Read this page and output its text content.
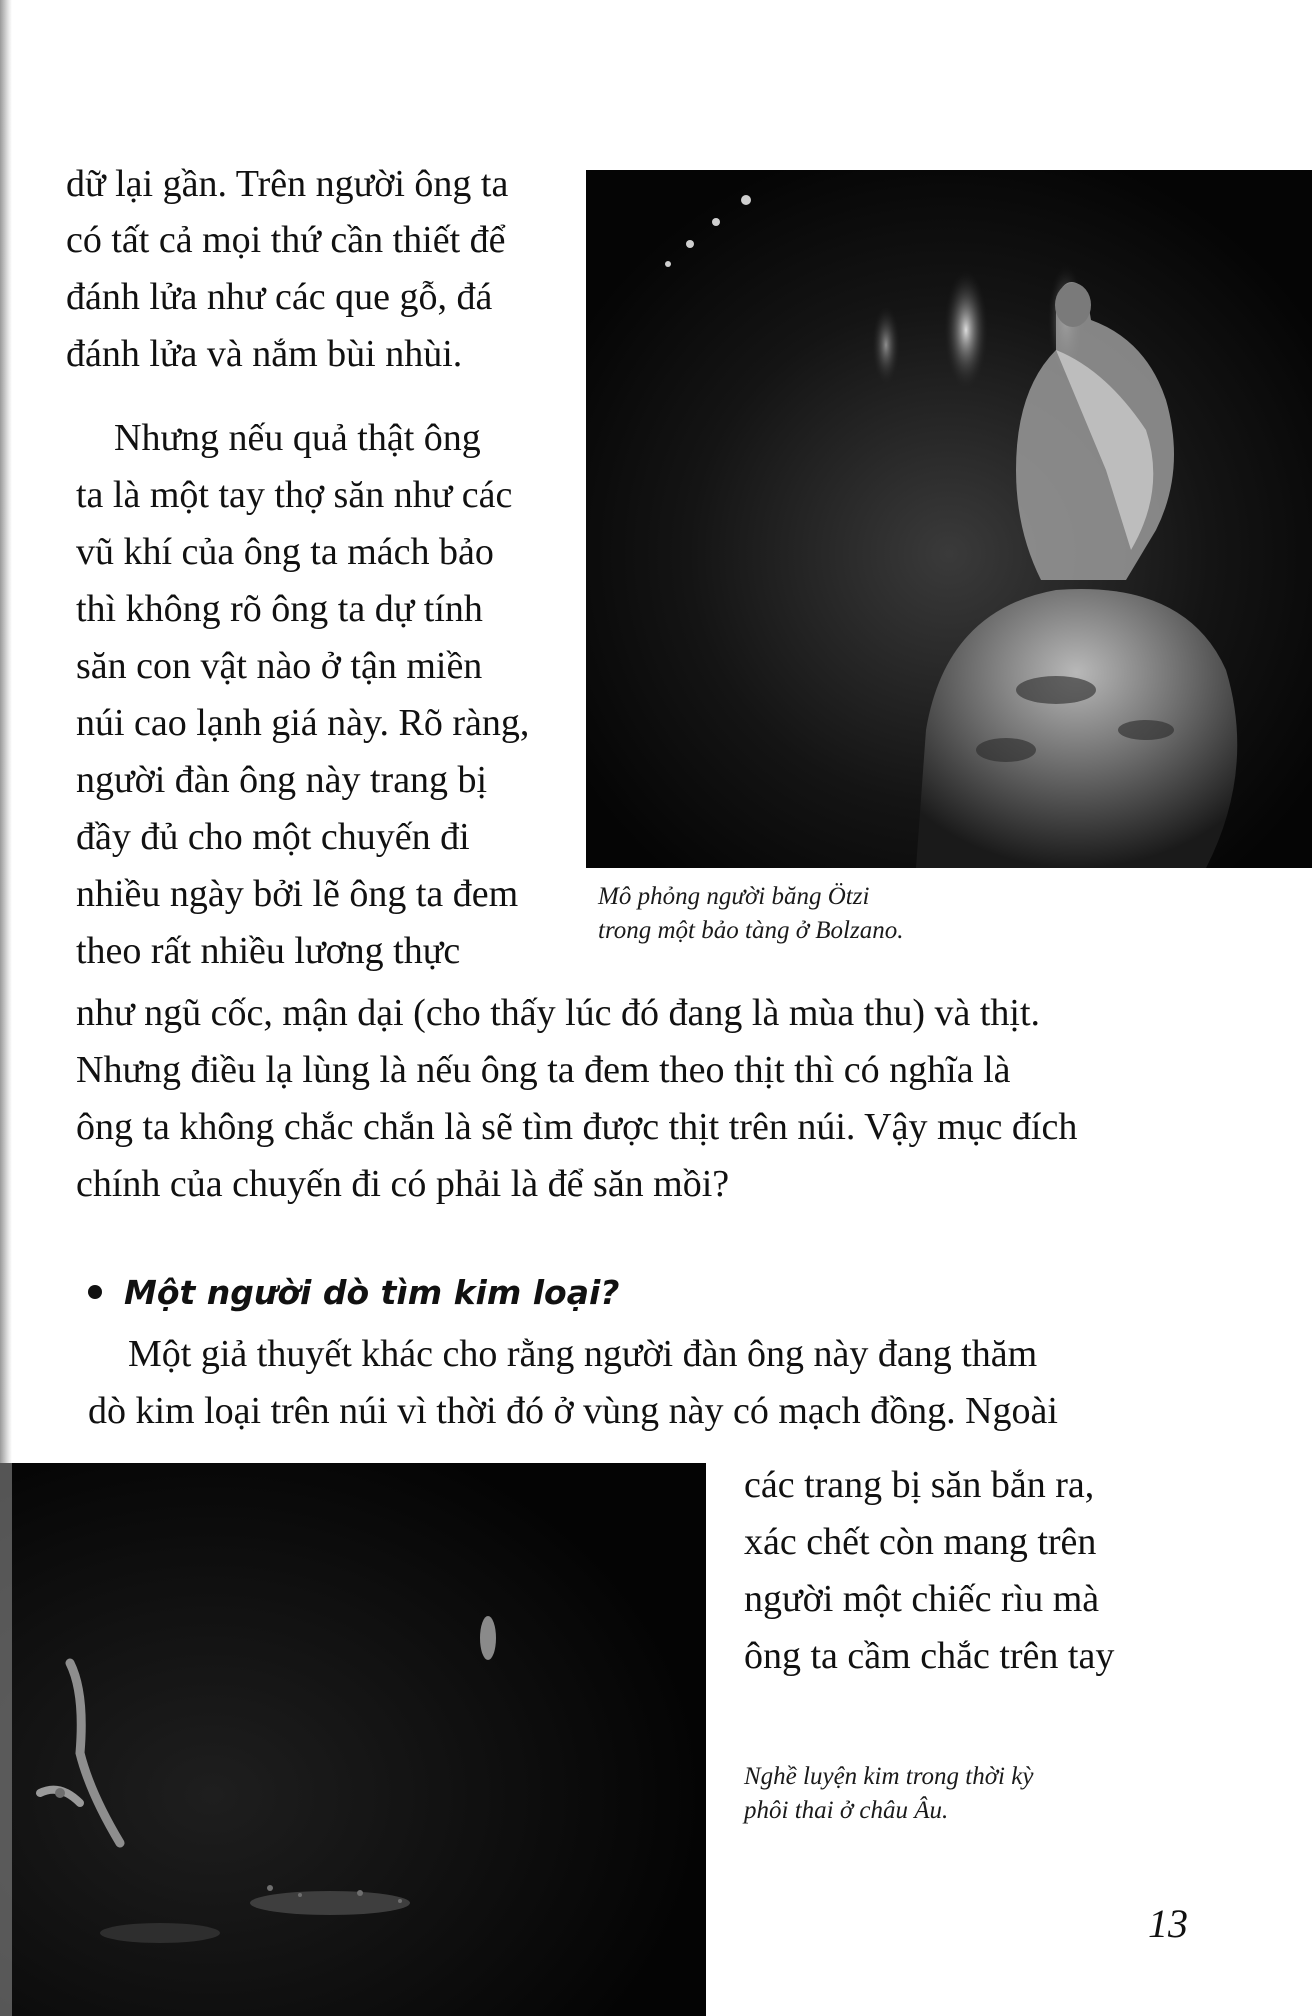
dữ lại gần. Trên người ông ta
có tất cả mọi thứ cần thiết để
đánh lửa như các que gỗ, đá
đánh lửa và nắm bùi nhùi.
Nhưng nếu quả thật ông
ta là một tay thợ săn như các
vũ khí của ông ta mách bảo
thì không rõ ông ta dự tính
săn con vật nào ở tận miền
núi cao lạnh giá này. Rõ ràng,
người đàn ông này trang bị
đầy đủ cho một chuyến đi
nhiều ngày bởi lẽ ông ta đem
theo rất nhiều lương thực
như ngũ cốc, mận dại (cho thấy lúc đó đang là mùa thu) và thịt.
Nhưng điều lạ lùng là nếu ông ta đem theo thịt thì có nghĩa là
ông ta không chắc chắn là sẽ tìm được thịt trên núi. Vậy mục đích
chính của chuyến đi có phải là để săn mồi?
Mô phỏng người băng Ötzi
trong một bảo tàng ở Bolzano.
Một người dò tìm kim loại?
Một giả thuyết khác cho rằng người đàn ông này đang thăm
dò kim loại trên núi vì thời đó ở vùng này có mạch đồng. Ngoài
các trang bị săn bắn ra,
xác chết còn mang trên
người một chiếc rìu mà
ông ta cầm chắc trên tay
Nghề luyện kim trong thời kỳ
phôi thai ở châu Âu.
13
